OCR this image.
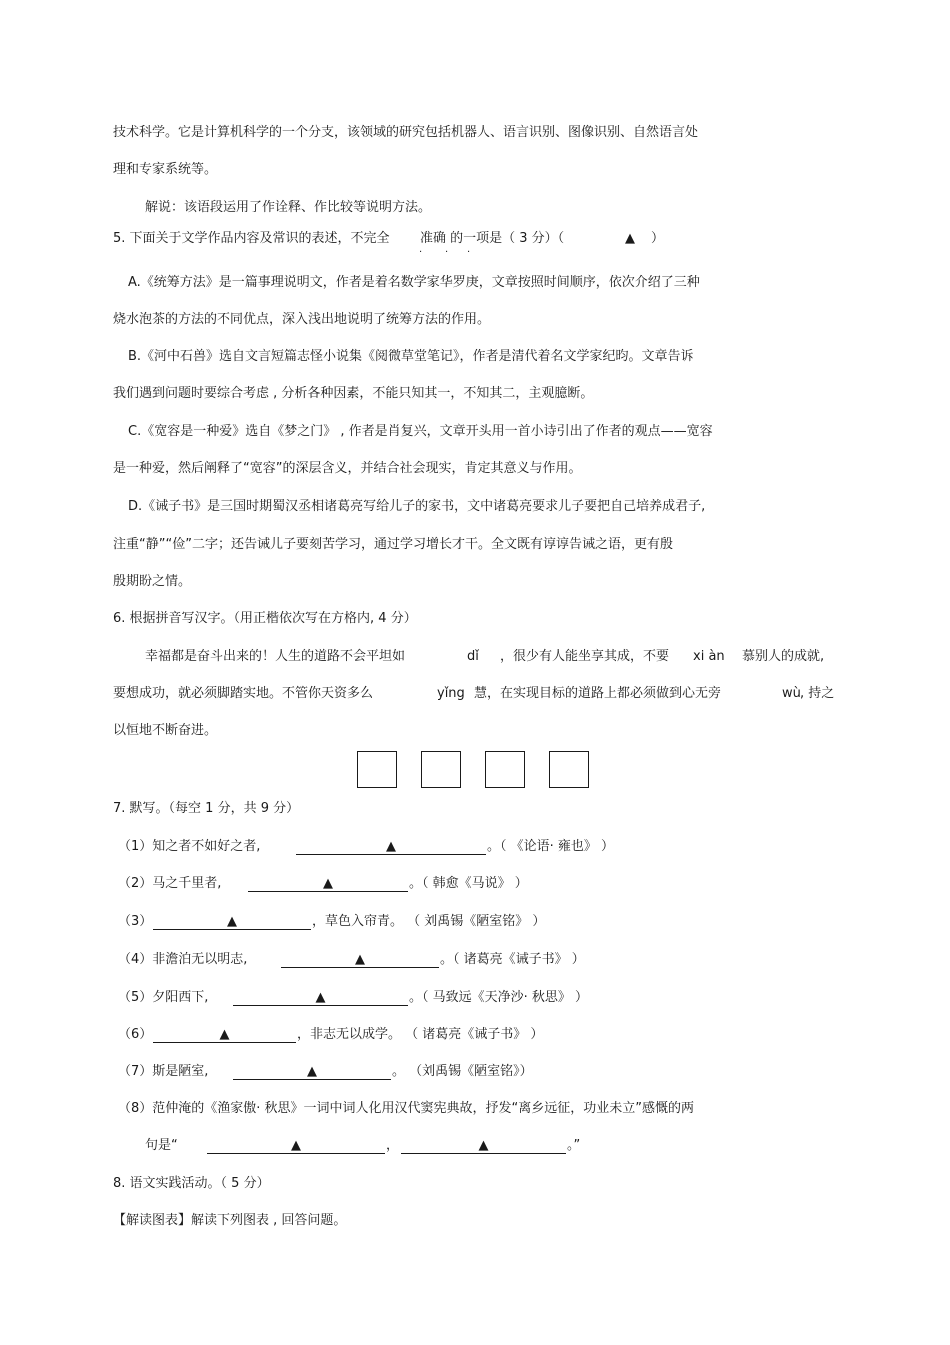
技术科学。它是计算机科学的一个分支，该领域的研究包括机器人、语言识别、图像识别、自然语言处
理和专家系统等。
解说：该语段运用了作诠释、作比较等说明方法。
5. 下面关于文学作品内容及常识的表述，不完全 准确 的一项是（ 3 分）（	▲ ）
· · ·
A.《统筹方法》是一篇事理说明文，作者是着名数学家华罗庚，文章按照时间顺序，依次介绍了三种
烧水泡茶的方法的不同优点，深入浅出地说明了统筹方法的作用。
B.《河中石兽》选自文言短篇志怪小说集《阅微草堂笔记》，作者是清代着名文学家纪昀。文章告诉
我们遇到问题时要综合考虑 , 分析各种因素，不能只知其一，不知其二，主观臆断。
C.《宽容是一种爱》选自《梦之门》 , 作者是肖复兴，文章开头用一首小诗引出了作者的观点——宽容
是一种爱，然后阐释了“宽容”的深层含义，并结合社会现实，肯定其意义与作用。
D.《诫子书》是三国时期蜀汉丞相诸葛亮写给儿子的家书，文中诸葛亮要求儿子要把自己培养成君子,
注重“静”“俭”二字；还告诫儿子要刻苦学习，通过学习增长才干。全文既有谆谆告诫之语，更有殷
殷期盼之情。
6. 根据拼音写汉字。（用正楷依次写在方格内, 4 分）
幸福都是奋斗出来的！人生的道路不会平坦如	dǐ ，很少有人能坐享其成，不要 xi àn 慕别人的成就,
要想成功，就必须脚踏实地。不管你天资多么	yǐng 慧，在实现目标的道路上都必须做到心无旁	wù , 持之
以恒地不断奋进。
7. 默写。（每空 1 分，共 9 分）
（1）知之者不如好之者,	▲	。（ 《论语· 雍也》 ）
（2）马之千里者,	▲	。（ 韩愈《马说》 ）
（3）	▲	，草色入帘青。 （ 刘禹锡《陋室铭》 ）
（4）非澹泊无以明志,	▲	。（ 诸葛亮《诫子书》 ）
（5）夕阳西下,	▲	。（ 马致远《天净沙· 秋思》 ）
（6）	▲	，非志无以成学。 （ 诸葛亮《诫子书》 ）
（7）斯是陋室,	▲	。 （刘禹锡《陋室铭》）
（8）范仲淹的《渔家傲· 秋思》一词中词人化用汉代窦宪典故，抒发“离乡远征，功业未立”感慨的两
句是“	▲	，	▲	。”
8. 语文实践活动。（ 5 分）
【解读图表】解读下列图表 , 回答问题。
